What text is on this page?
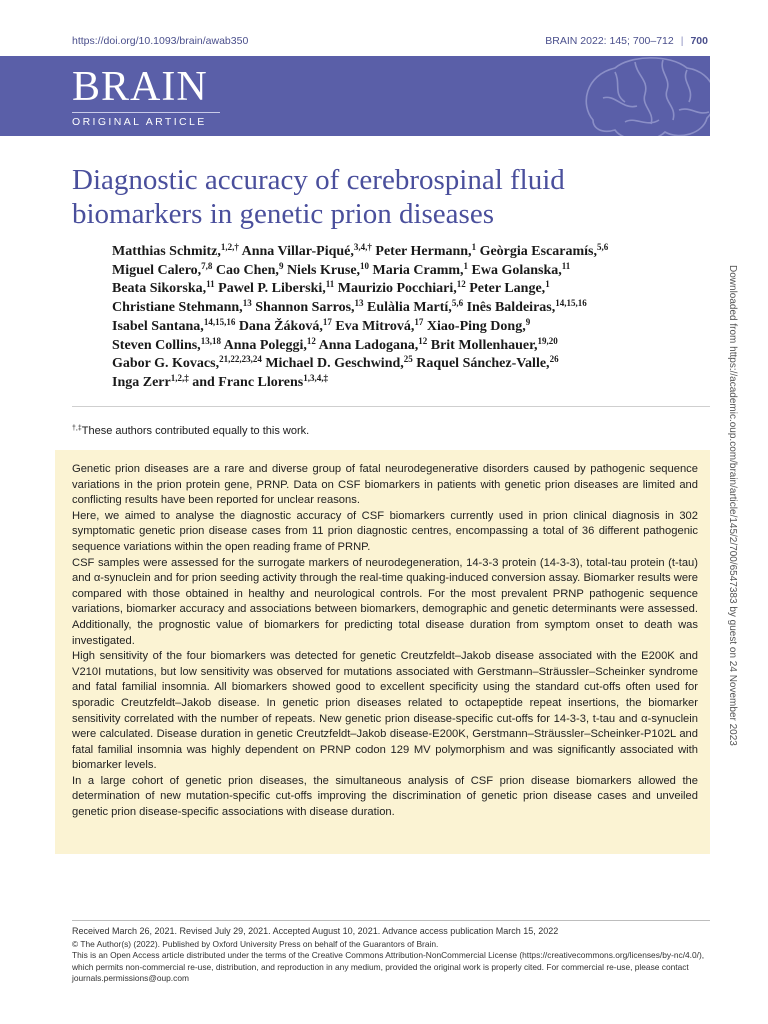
https://doi.org/10.1093/brain/awab350	BRAIN 2022: 145; 700–712 | 700
BRAIN
ORIGINAL ARTICLE
Diagnostic accuracy of cerebrospinal fluid biomarkers in genetic prion diseases
Matthias Schmitz,$^{1,2,\dagger}$ Anna Villar-Piqué,$^{3,4,\dagger}$ Peter Hermann,$^1$ Geòrgia Escaramís,$^{5,6}$
Miguel Calero,$^{7,8}$ Cao Chen,$^9$ Niels Kruse,$^{10}$ Maria Cramm,$^1$ Ewa Golanska,$^{11}$
Beata Sikorska,$^{11}$ Pawel P. Liberski,$^{11}$ Maurizio Pocchiari,$^{12}$ Peter Lange,$^1$
Christiane Stehmann,$^{13}$ Shannon Sarros,$^{13}$ Eulàlia Martí,$^{5,6}$ Inês Baldeiras,$^{14,15,16}$
Isabel Santana,$^{14,15,16}$ Dana Žáková,$^{17}$ Eva Mitrová,$^{17}$ Xiao-Ping Dong,$^9$
Steven Collins,$^{13,18}$ Anna Poleggi,$^{12}$ Anna Ladogana,$^{12}$ Brit Mollenhauer,$^{19,20}$
Gabor G. Kovacs,$^{21,22,23,24}$ Michael D. Geschwind,$^{25}$ Raquel Sánchez-Valle,$^{26}$
Inga Zerr$^{1,2,\ddagger}$ and Franc Llorens$^{1,3,4,\ddagger}$
†,‡These authors contributed equally to this work.

Genetic prion diseases are a rare and diverse group of fatal neurodegenerative disorders caused by pathogenic sequence variations in the prion protein gene, PRNP. Data on CSF biomarkers in patients with genetic prion diseases are limited and conflicting results have been reported for unclear reasons.

Here, we aimed to analyse the diagnostic accuracy of CSF biomarkers currently used in prion clinical diagnosis in 302 symptomatic genetic prion disease cases from 11 prion diagnostic centres, encompassing a total of 36 different pathogenic sequence variations within the open reading frame of PRNP.

CSF samples were assessed for the surrogate markers of neurodegeneration, 14-3-3 protein (14-3-3), total-tau protein (t-tau) and α-synuclein and for prion seeding activity through the real-time quaking-induced conversion assay. Biomarker results were compared with those obtained in healthy and neurological controls. For the most prevalent PRNP pathogenic sequence variations, biomarker accuracy and associations between biomarkers, demographic and genetic determinants were assessed. Additionally, the prognostic value of biomarkers for predicting total disease duration from symptom onset to death was investigated.

High sensitivity of the four biomarkers was detected for genetic Creutzfeldt–Jakob disease associated with the E200K and V210I mutations, but low sensitivity was observed for mutations associated with Gerstmann–Sträussler–Scheinker syndrome and fatal familial insomnia. All biomarkers showed good to excellent specificity using the standard cut-offs often used for sporadic Creutzfeldt–Jakob disease. In genetic prion diseases related to octapeptide repeat insertions, the biomarker sensitivity correlated with the number of repeats. New genetic prion disease-specific cut-offs for 14-3-3, t-tau and α-synuclein were calculated. Disease duration in genetic Creutzfeldt–Jakob disease-E200K, Gerstmann–Sträussler–Scheinker-P102L and fatal familial insomnia was highly dependent on PRNP codon 129 MV polymorphism and was significantly associated with biomarker levels.

In a large cohort of genetic prion diseases, the simultaneous analysis of CSF prion disease biomarkers allowed the determination of new mutation-specific cut-offs improving the discrimination of genetic prion disease cases and unveiled genetic prion disease-specific associations with disease duration.

Received March 26, 2021. Revised July 29, 2021. Accepted August 10, 2021. Advance access publication March 15, 2022

© The Author(s) (2022). Published by Oxford University Press on behalf of the Guarantors of Brain.

This is an Open Access article distributed under the terms of the Creative Commons Attribution-NonCommercial License (https://creativecommons.org/licenses/by-nc/4.0/), which permits non-commercial re-use, distribution, and reproduction in any medium, provided the original work is properly cited. For commercial re-use, please contact journals.permissions@oup.com

Downloaded from https://academic.oup.com/brain/article/145/2/700/6547383 by guest on 24 November 2023
